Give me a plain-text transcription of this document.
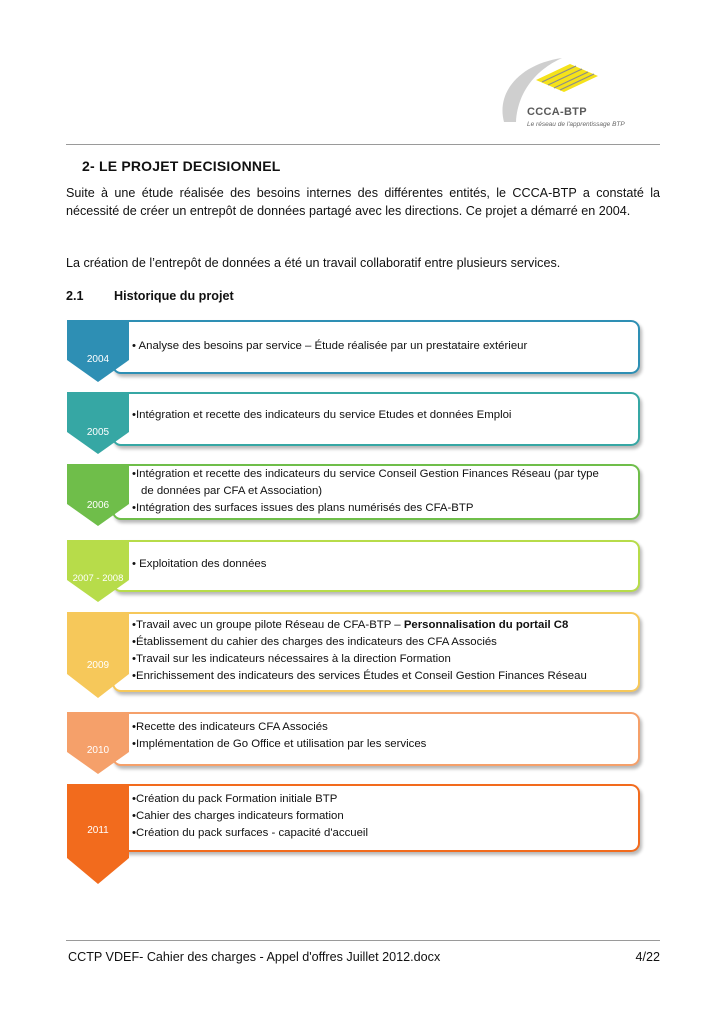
CCCA-BTP
Le réseau de l'apprentissage BTP
2- LE PROJET DECISIONNEL
Suite à une étude réalisée des besoins internes des différentes entités, le CCCA-BTP a constaté la nécessité de créer un entrepôt de données partagé avec les directions. Ce projet a démarré en 2004.
La création de l’entrepôt de données a été un travail collaboratif entre plusieurs services.
2.1 Historique du projet
2004
• Analyse des besoins par service – Étude réalisée par un prestataire extérieur
2005
•Intégration et recette des indicateurs du service Etudes et données Emploi
2006
•Intégration et recette des indicateurs du service Conseil Gestion Finances Réseau (par type
de données par CFA et Association)
•Intégration des surfaces issues des plans numérisés des CFA-BTP
2007 - 2008
• Exploitation des données
2009
•Travail avec un groupe pilote Réseau de CFA-BTP – Personnalisation du portail C8
•Établissement du cahier des charges des indicateurs des CFA Associés
•Travail sur les indicateurs nécessaires à la direction Formation
•Enrichissement des indicateurs des services Études et Conseil Gestion Finances Réseau
2010
•Recette des indicateurs CFA Associés
•Implémentation de Go Office et utilisation par les services
2011
•Création du pack Formation initiale BTP
•Cahier des charges indicateurs formation
•Création du pack surfaces - capacité d'accueil
CCTP VDEF- Cahier des charges - Appel d'offres Juillet 2012.docx	4/22
